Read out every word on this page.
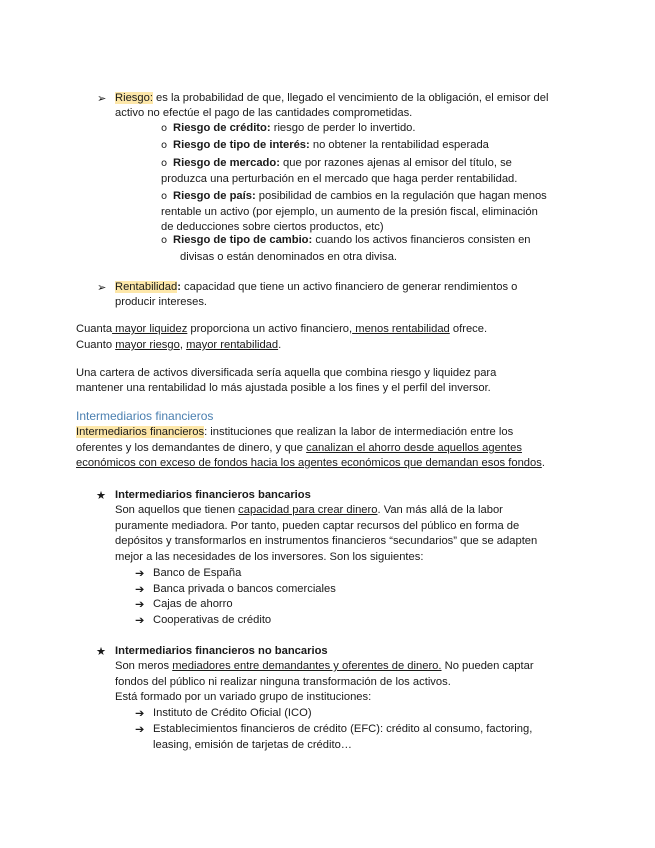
➢ Riesgo: es la probabilidad de que, llegado el vencimiento de la obligación, el emisor del
activo no efectúe el pago de las cantidades comprometidas.
o Riesgo de crédito: riesgo de perder lo invertido.
o Riesgo de tipo de interés: no obtener la rentabilidad esperada
o Riesgo de mercado: que por razones ajenas al emisor del título, se
produzca una perturbación en el mercado que haga perder rentabilidad.
o Riesgo de país: posibilidad de cambios en la regulación que hagan menos
rentable un activo (por ejemplo, un aumento de la presión fiscal, eliminación
de deducciones sobre ciertos productos, etc)
o Riesgo de tipo de cambio: cuando los activos financieros consisten en
divisas o están denominados en otra divisa.
➢ Rentabilidad: capacidad que tiene un activo financiero de generar rendimientos o
producir intereses.
Cuanta mayor liquidez proporciona un activo financiero, menos rentabilidad ofrece.
Cuanto mayor riesgo, mayor rentabilidad.
Una cartera de activos diversificada sería aquella que combina riesgo y liquidez para
mantener una rentabilidad lo más ajustada posible a los fines y el perfil del inversor.
Intermediarios financieros
Intermediarios financieros: instituciones que realizan la labor de intermediación entre los
oferentes y los demandantes de dinero, y que canalizan el ahorro desde aquellos agentes
económicos con exceso de fondos hacia los agentes económicos que demandan esos fondos.
★ Intermediarios financieros bancarios
Son aquellos que tienen capacidad para crear dinero. Van más allá de la labor
puramente mediadora. Por tanto, pueden captar recursos del público en forma de
depósitos y transformarlos en instrumentos financieros “secundarios” que se adapten
mejor a las necesidades de los inversores. Son los siguientes:
➔ Banco de España
➔ Banca privada o bancos comerciales
➔ Cajas de ahorro
➔ Cooperativas de crédito
★ Intermediarios financieros no bancarios
Son meros mediadores entre demandantes y oferentes de dinero. No pueden captar
fondos del público ni realizar ninguna transformación de los activos.
Está formado por un variado grupo de instituciones:
➔ Instituto de Crédito Oficial (ICO)
➔ Establecimientos financieros de crédito (EFC): crédito al consumo, factoring,
leasing, emisión de tarjetas de crédito…
